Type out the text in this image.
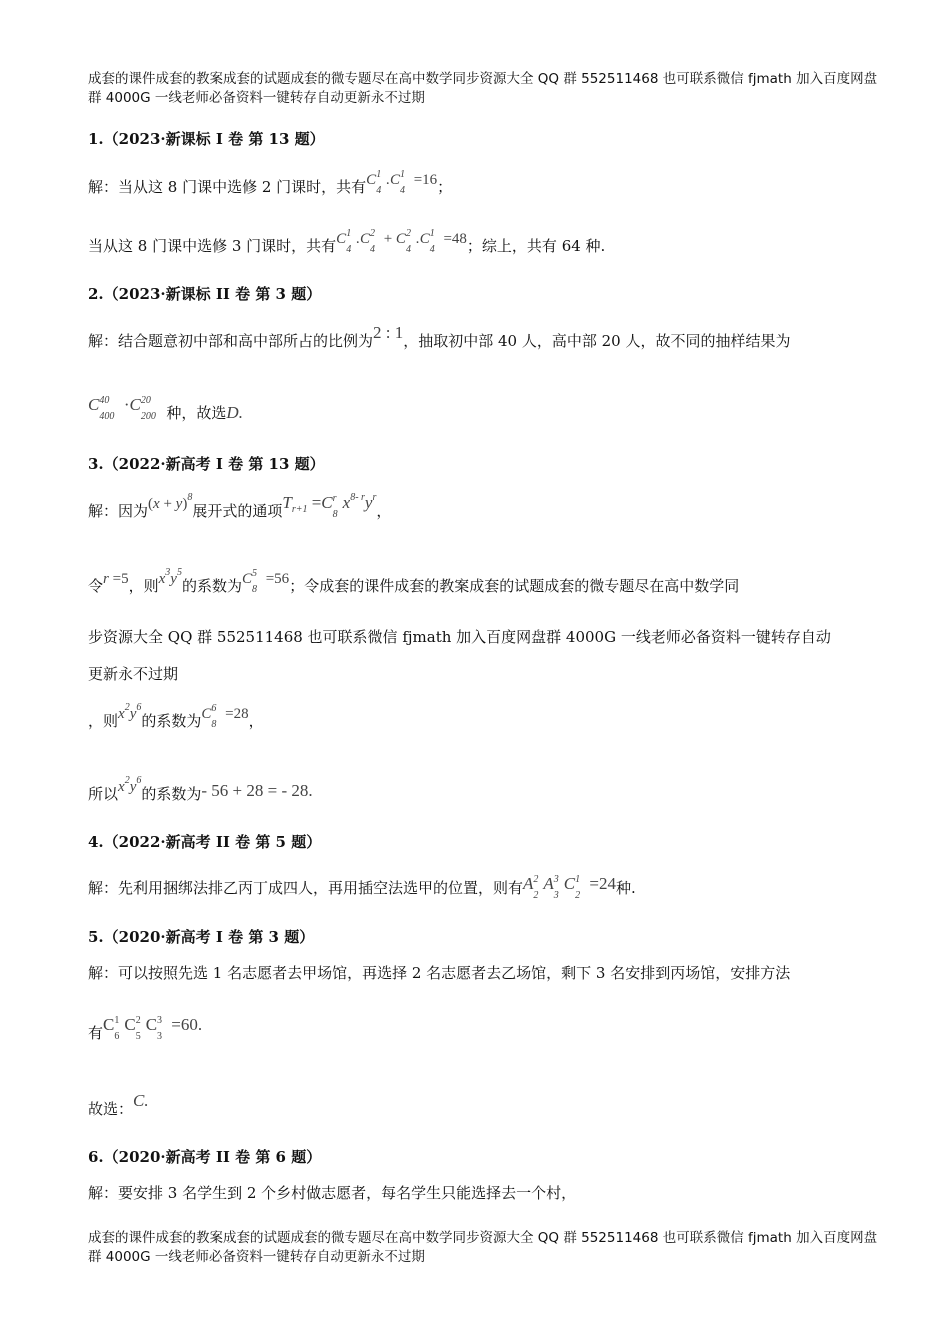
成套的课件成套的教案成套的试题成套的微专题尽在高中数学同步资源大全 QQ 群 552511468 也可联系微信 fjmath 加入百度网盘群 4000G 一线老师必备资料一键转存自动更新永不过期
1.（2023·新课标 I 卷 第 13 题）
解：当从这 8 门课中选修 2 门课时，共有C 1
4
.C 1
4
=16；
当从这 8 门课中选修 3 门课时，共有C 1
4
.C 2
4
+ C 2
4
.C 1
4
=48；综上，共有 64 种.
2.（2023·新课标 II 卷 第 3 题）
解：结合题意初中部和高中部所占的比例为2 : 1，抽取初中部 40 人，高中部 20 人，故不同的抽样结果为
C 40
400
·C 20
200 种，故选D.
3.（2022·新高考 I 卷 第 13 题）
解：因为$(x + y)^8$展开式的通项$T_{r+1} =C$ r
8
$x^{8- r}y^r$，
令r =5，则$x^3y^5$的系数为C 5
8
=56；令成套的课件成套的教案成套的试题成套的微专题尽在高中数学同
步资源大全 QQ 群 552511468 也可联系微信 fjmath 加入百度网盘群 4000G 一线老师必备资料一键转存自动
更新永不过期
，则$x^2y^6$的系数为C 6
8
=28，
所以$x^2y^6$的系数为- 56 + 28 = - 28.
4.（2022·新高考 II 卷 第 5 题）
解：先利用捆绑法排乙丙丁成四人，再用插空法选甲的位置，则有A 2
2
A 3
3
C 1
2
=24种.
5.（2020·新高考 I 卷 第 3 题）
解：可以按照先选 1 名志愿者去甲场馆，再选择 2 名志愿者去乙场馆，剩下 3 名安排到丙场馆，安排方法
有C 1
6
C 2
5
C 3
3
=60.
故选：C.
6.（2020·新高考 II 卷 第 6 题）
解：要安排 3 名学生到 2 个乡村做志愿者，每名学生只能选择去一个村，
成套的课件成套的教案成套的试题成套的微专题尽在高中数学同步资源大全 QQ 群 552511468 也可联系微信 fjmath 加入百度网盘群 4000G 一线老师必备资料一键转存自动更新永不过期
